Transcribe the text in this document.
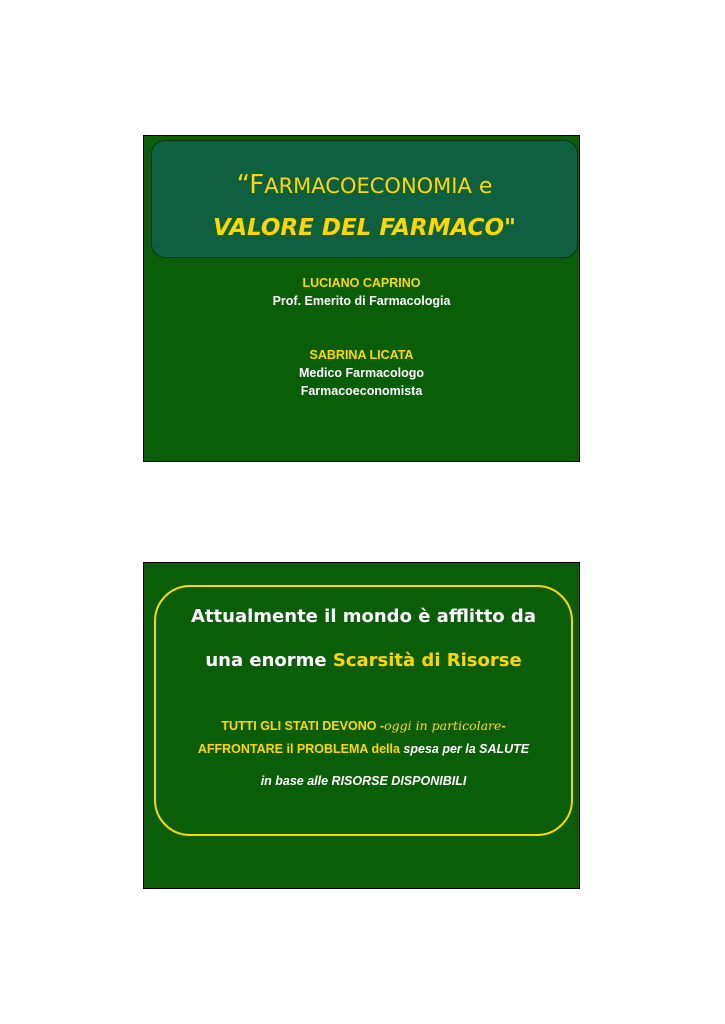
“FARMACOECONOMIA e
VALORE DEL FARMACO"
LUCIANO CAPRINO
Prof. Emerito di Farmacologia
SABRINA LICATA
Medico Farmacologo
Farmacoeconomista
Attualmente il mondo è afflitto da
una enorme Scarsità di Risorse
TUTTI GLI STATI DEVONO -oggi in particolare-
AFFRONTARE il PROBLEMA della spesa per la SALUTE
in base alle RISORSE DISPONIBILI
